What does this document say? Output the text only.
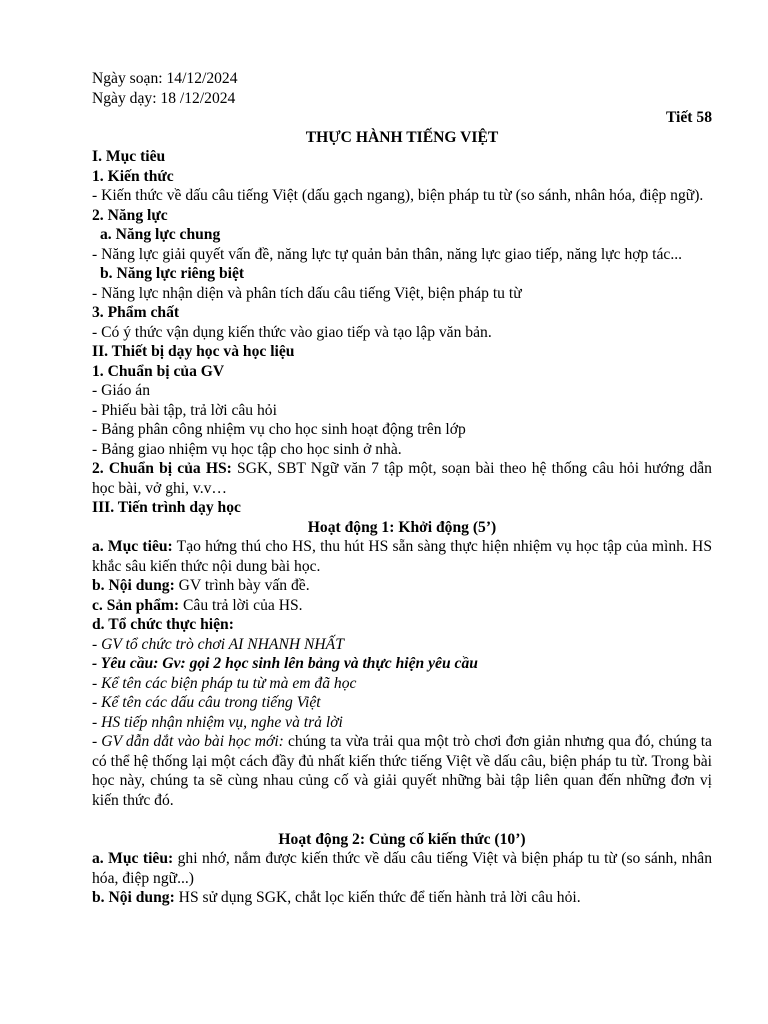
Ngày soạn: 14/12/2024

Ngày dạy: 18 /12/2024

Tiết 58

THỰC HÀNH TIẾNG VIỆT

I. Mục tiêu

1. Kiến thức

- Kiến thức về dấu câu tiếng Việt (dấu gạch ngang), biện pháp tu từ (so sánh, nhân hóa, điệp ngữ).

2. Năng lực

a. Năng lực chung

- Năng lực giải quyết vấn đề, năng lực tự quản bản thân, năng lực giao tiếp, năng lực hợp tác...

b. Năng lực riêng biệt

- Năng lực nhận diện và phân tích dấu câu tiếng Việt, biện pháp tu từ

3. Phẩm chất

- Có ý thức vận dụng kiến thức vào giao tiếp và tạo lập văn bản.

II. Thiết bị dạy học và học liệu

1. Chuẩn bị của GV

- Giáo án

- Phiếu bài tập, trả lời câu hỏi

- Bảng phân công nhiệm vụ cho học sinh hoạt động trên lớp

- Bảng giao nhiệm vụ học tập cho học sinh ở nhà.

2. Chuẩn bị của HS: SGK, SBT Ngữ văn 7 tập một, soạn bài theo hệ thống câu hỏi hướng dẫn học bài, vở ghi, v.v…

III. Tiến trình dạy học

Hoạt động 1: Khởi động (5’)

a. Mục tiêu: Tạo hứng thú cho HS, thu hút HS sẵn sàng thực hiện nhiệm vụ học tập của mình. HS khắc sâu kiến thức nội dung bài học.

b. Nội dung: GV trình bày vấn đề.

c. Sản phẩm: Câu trả lời của HS.

d. Tổ chức thực hiện:

- GV tổ chức trò chơi AI NHANH NHẤT

- Yêu cầu: Gv: gọi 2 học sinh lên bảng và thực hiện yêu cầu

- Kể tên các biện pháp tu từ mà em đã học

- Kể tên các dấu câu trong tiếng Việt

- HS tiếp nhận nhiệm vụ, nghe và trả lời

- GV dẫn dắt vào bài học mới: chúng ta vừa trải qua một trò chơi đơn giản nhưng qua đó, chúng ta có thể hệ thống lại một cách đầy đủ nhất kiến thức tiếng Việt về dấu câu, biện pháp tu từ. Trong bài học này, chúng ta sẽ cùng nhau củng cố và giải quyết những bài tập liên quan đến những đơn vị kiến thức đó.

Hoạt động 2: Củng cố kiến thức (10’)

a. Mục tiêu: ghi nhớ, nắm được kiến thức về dấu câu tiếng Việt và biện pháp tu từ (so sánh, nhân hóa, điệp ngữ...)

b. Nội dung: HS sử dụng SGK, chắt lọc kiến thức để tiến hành trả lời câu hỏi.
